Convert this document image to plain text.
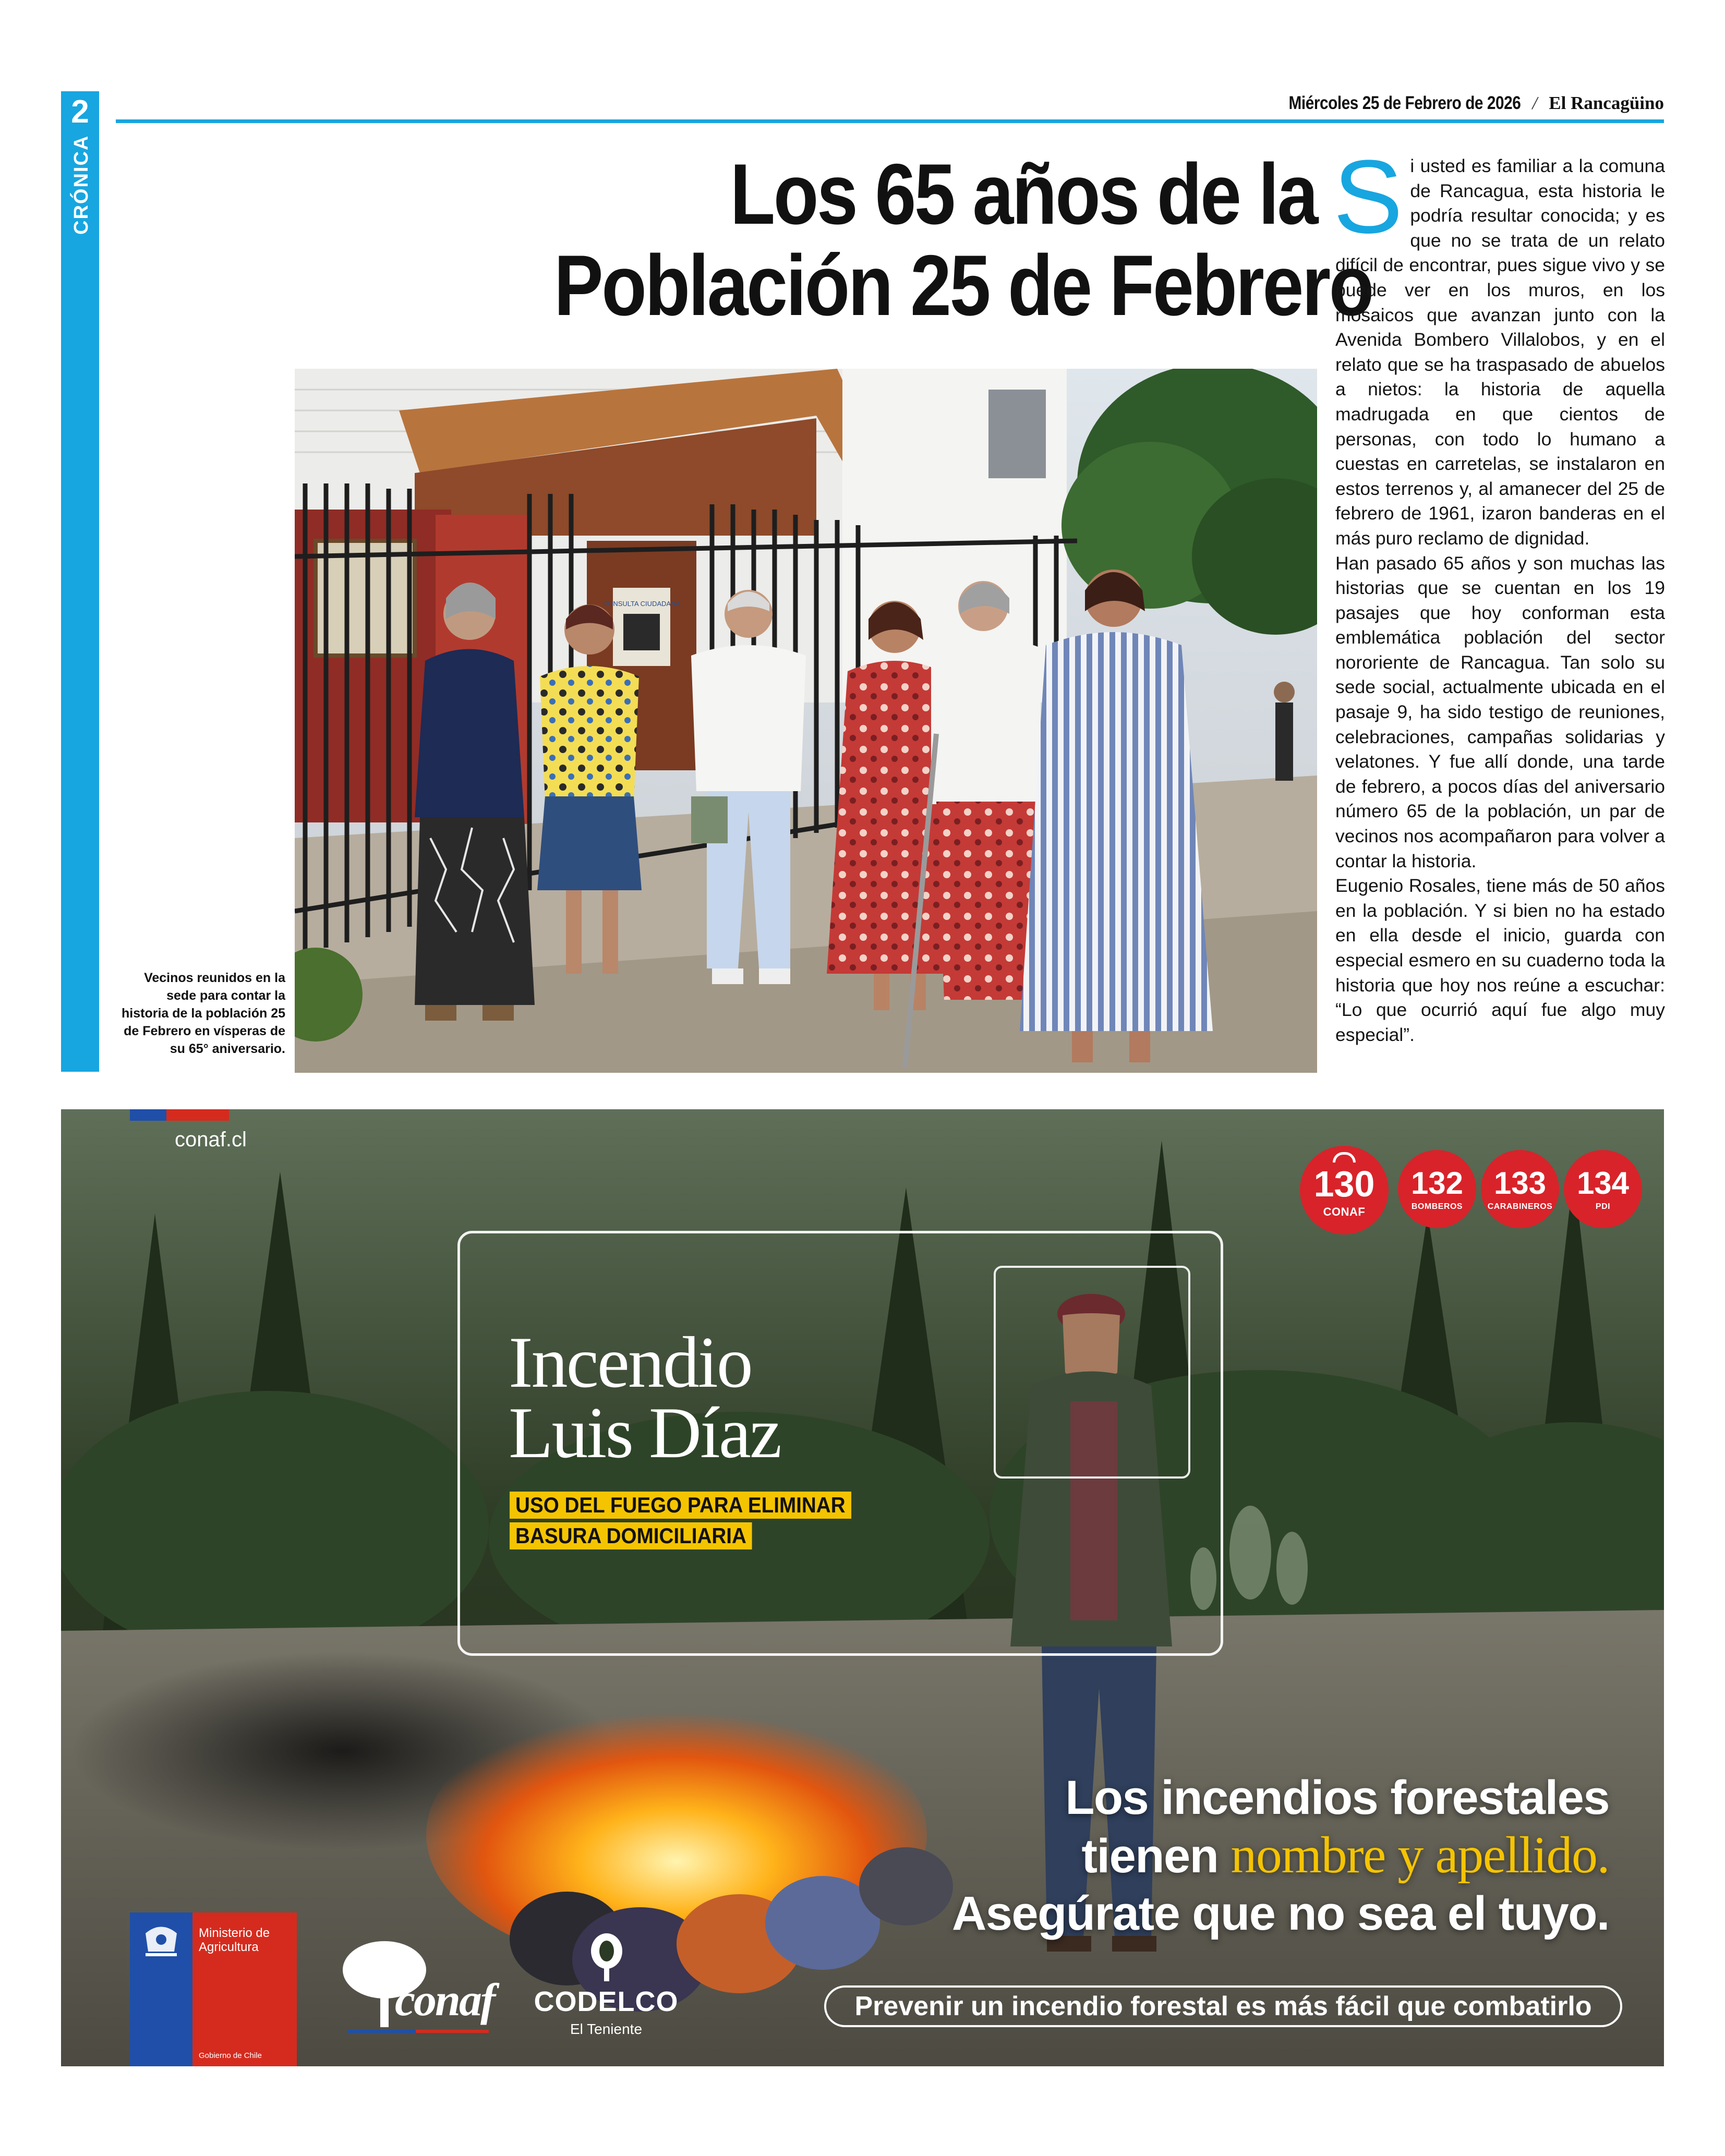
2
CRÓNICA
Miércoles 25 de Febrero de 2026 / El Rancagüino
Los 65 años de la
Población 25 de Febrero
CONSULTA CIUDADANA
Vecinos reunidos en la sede para contar la historia de la población 25 de Febrero en vísperas de su 65° aniversario.

Si usted es familiar a la comuna de Rancagua, esta historia le podría resultar conocida; y es que no se trata de un relato difícil de encontrar, pues sigue vivo y se puede ver en los muros, en los mosaicos que avanzan junto con la Avenida Bombero Villalobos, y en el relato que se ha traspasado de abuelos a nietos: la historia de aquella madrugada en que cientos de personas, con todo lo humano a cuestas en carretelas, se instalaron en estos terrenos y, al amanecer del 25 de febrero de 1961, izaron banderas en el más puro reclamo de dignidad.

Han pasado 65 años y son muchas las historias que se cuentan en los 19 pasajes que hoy conforman esta emblemática población del sector nororiente de Rancagua. Tan solo su sede social, actualmente ubicada en el pasaje 9, ha sido testigo de reuniones, celebraciones, campañas solidarias y velatones. Y fue allí donde, una tarde de febrero, a pocos días del aniversario número 65 de la población, un par de vecinos nos acompañaron para volver a contar la historia.

Eugenio Rosales, tiene más de 50 años en la población. Y si bien no ha estado en ella desde el inicio, guarda con especial esmero en su cuaderno toda la historia que hoy nos reúne a escuchar: “Lo que ocurrió aquí fue algo muy especial”.

conaf.cl
130
CONAF
132
BOMBEROS
133
CARABINEROS
134
PDI
Incendio
Luis Díaz
USO DEL FUEGO PARA ELIMINAR
BASURA DOMICILIARIA
Los incendios forestales
tienen nombre y apellido.
Asegúrate que no sea el tuyo.
Prevenir un incendio forestal es más fácil que combatirlo
Ministerio de Agricultura
Gobierno de Chile
conaf CODELCO
El Teniente
